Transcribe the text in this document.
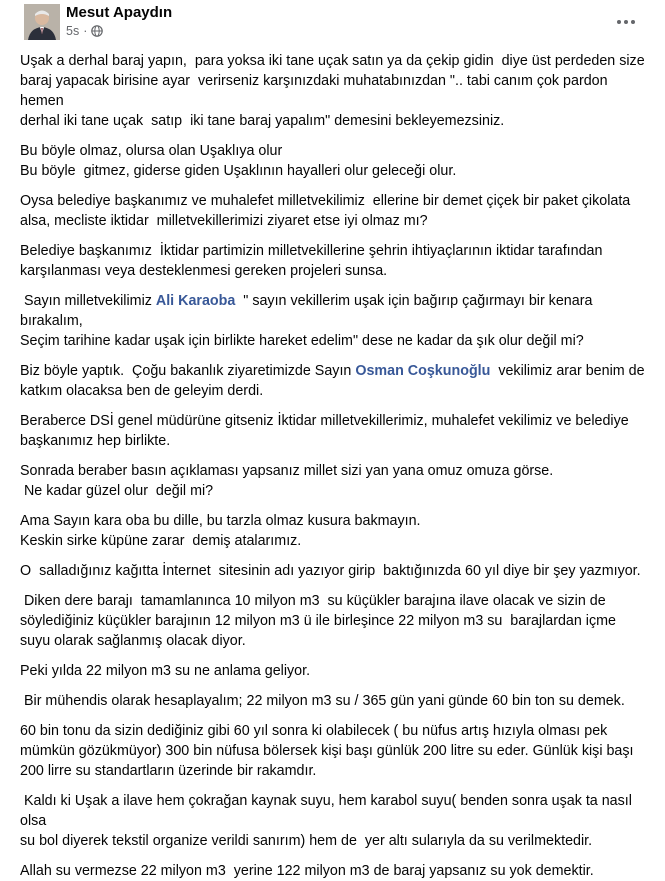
Mesut Apaydın
5s ·

Uşak a derhal baraj yapın,  para yoksa iki tane uçak satın ya da çekip gidin  diye üst perdeden size
baraj yapacak birisine ayar  verirseniz karşınızdaki muhatabınızdan ".. tabi canım çok pardon hemen
derhal iki tane uçak  satıp  iki tane baraj yapalım" demesini bekleyemezsiniz.

Bu böyle olmaz, olursa olan Uşaklıya olur
Bu böyle  gitmez, giderse giden Uşaklının hayalleri olur geleceği olur.

Oysa belediye başkanımız ve muhalefet milletvekilimiz  ellerine bir demet çiçek bir paket çikolata
alsa, mecliste iktidar  milletvekillerimizi ziyaret etse iyi olmaz mı?

Belediye başkanımız  İktidar partimizin milletvekillerine şehrin ihtiyaçlarının iktidar tarafından
karşılanması veya desteklenmesi gereken projeleri sunsa.

Sayın milletvekilimiz Ali Karaoba  " sayın vekillerim uşak için bağırıp çağırmayı bir kenara bırakalım,
Seçim tarihine kadar uşak için birlikte hareket edelim" dese ne kadar da şık olur değil mi?

Biz böyle yaptık.  Çoğu bakanlık ziyaretimizde Sayın Osman Coşkunoğlu  vekilimiz arar benim de
katkım olacaksa ben de geleyim derdi.

Beraberce DSİ genel müdürüne gitseniz İktidar milletvekillerimiz, muhalefet vekilimiz ve belediye
başkanımız hep birlikte.

Sonrada beraber basın açıklaması yapsanız millet sizi yan yana omuz omuza görse.
Ne kadar güzel olur  değil mi?

Ama Sayın kara oba bu dille, bu tarzla olmaz kusura bakmayın.
Keskin sirke küpüne zarar  demiş atalarımız.

O  salladığınız kağıtta İnternet  sitesinin adı yazıyor girip  baktığınızda 60 yıl diye bir şey yazmıyor.

Diken dere barajı  tamamlanınca 10 milyon m3  su küçükler barajına ilave olacak ve sizin de
söylediğiniz küçükler barajının 12 milyon m3 ü ile birleşince 22 milyon m3 su  barajlardan içme
suyu olarak sağlanmış olacak diyor.

Peki yılda 22 milyon m3 su ne anlama geliyor.

Bir mühendis olarak hesaplayalım; 22 milyon m3 su / 365 gün yani günde 60 bin ton su demek.

60 bin tonu da sizin dediğiniz gibi 60 yıl sonra ki olabilecek ( bu nüfus artış hızıyla olması pek
mümkün gözükmüyor) 300 bin nüfusa bölersek kişi başı günlük 200 litre su eder. Günlük kişi başı
200 lirre su standartların üzerinde bir rakamdır.

Kaldı ki Uşak a ilave hem çokrağan kaynak suyu, hem karabol suyu( benden sonra uşak ta nasıl olsa
su bol diyerek tekstil organize verildi sanırım) hem de  yer altı sularıyla da su verilmektedir.

Allah su vermezse 22 milyon m3  yerine 122 milyon m3 de baraj yapsanız su yok demektir.
